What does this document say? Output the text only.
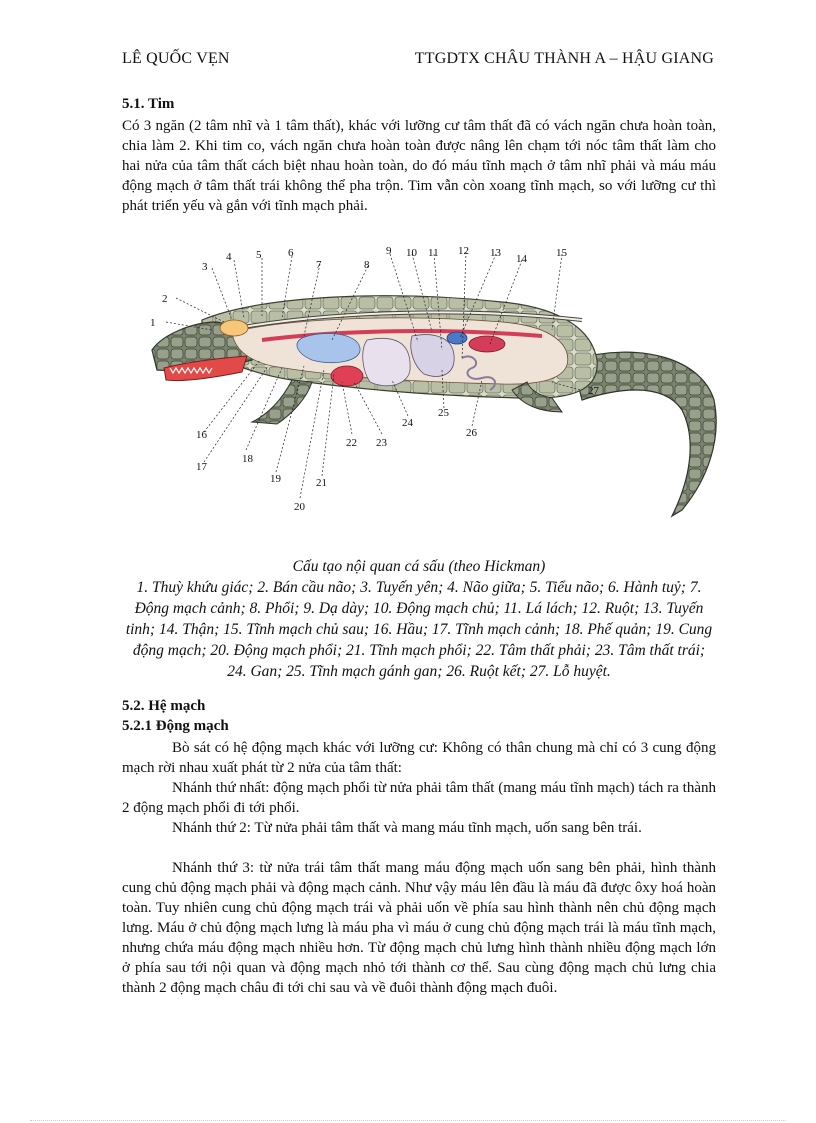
LÊ QUỐC VẸN	TTGDTX CHÂU THÀNH A – HẬU GIANG
5.1. Tim
Có 3 ngăn (2 tâm nhĩ và 1 tâm thất), khác với lưỡng cư tâm thất đã có vách ngăn chưa hoàn toàn, chia làm 2. Khi tim co, vách ngăn chưa hoàn toàn được nâng lên chạm tới nóc tâm thất làm cho hai nửa của tâm thất cách biệt nhau hoàn toàn, do đó máu tĩnh mạch ở tâm nhĩ phải và máu máu động mạch ở tâm thất trái không thể pha trộn. Tim vẫn còn xoang tĩnh mạch, so với lưỡng cư thì phát triển yếu và gắn với tĩnh mạch phải.
1
2
3
4 5 6
7	8
9 10 11 12 13 14	15
16
17
18
19
20
21
22 23
24
25
26
27
Cấu tạo nội quan cá sấu (theo Hickman)
1. Thuỳ khứu giác; 2. Bán cầu não; 3. Tuyến yên; 4. Não giữa; 5. Tiểu não; 6. Hành tuỷ; 7. Động mạch cảnh; 8. Phổi; 9. Dạ dày; 10. Động mạch chủ; 11. Lá lách; 12. Ruột; 13. Tuyến tinh; 14. Thận; 15. Tĩnh mạch chủ sau; 16. Hầu; 17. Tĩnh mạch cảnh; 18. Phế quản; 19. Cung động mạch; 20. Động mạch phổi; 21. Tĩnh mạch phổi; 22. Tâm thất phải; 23. Tâm thất trái; 24. Gan; 25. Tĩnh mạch gánh gan; 26. Ruột kết; 27. Lỗ huyệt.
5.2. Hệ mạch
5.2.1 Động mạch
Bò sát có hệ động mạch khác với lưỡng cư: Không có thân chung mà chỉ có 3 cung động mạch rời nhau xuất phát từ 2 nửa của tâm thất:
Nhánh thứ nhất: động mạch phổi từ nửa phải tâm thất (mang máu tĩnh mạch) tách ra thành 2 động mạch phổi đi tới phổi.
Nhánh thứ 2: Từ nửa phải tâm thất và mang máu tĩnh mạch, uốn sang bên trái.
Nhánh thứ 3: từ nửa trái tâm thất mang máu động mạch uốn sang bên phải, hình thành cung chủ động mạch phải và động mạch cảnh. Như vậy máu lên đầu là máu đã được ôxy hoá hoàn toàn. Tuy nhiên cung chủ động mạch trái và phải uốn về phía sau hình thành nên chủ động mạch lưng. Máu ở chủ động mạch lưng là máu pha vì máu ở cung chủ động mạch trái là máu tĩnh mạch, nhưng chứa máu động mạch nhiều hơn. Từ động mạch chủ lưng hình thành nhiều động mạch lớn ở phía sau tới nội quan và động mạch nhỏ tới thành cơ thể. Sau cùng động mạch chủ lưng chia thành 2 động mạch châu đi tới chi sau và về đuôi thành động mạch đuôi.
